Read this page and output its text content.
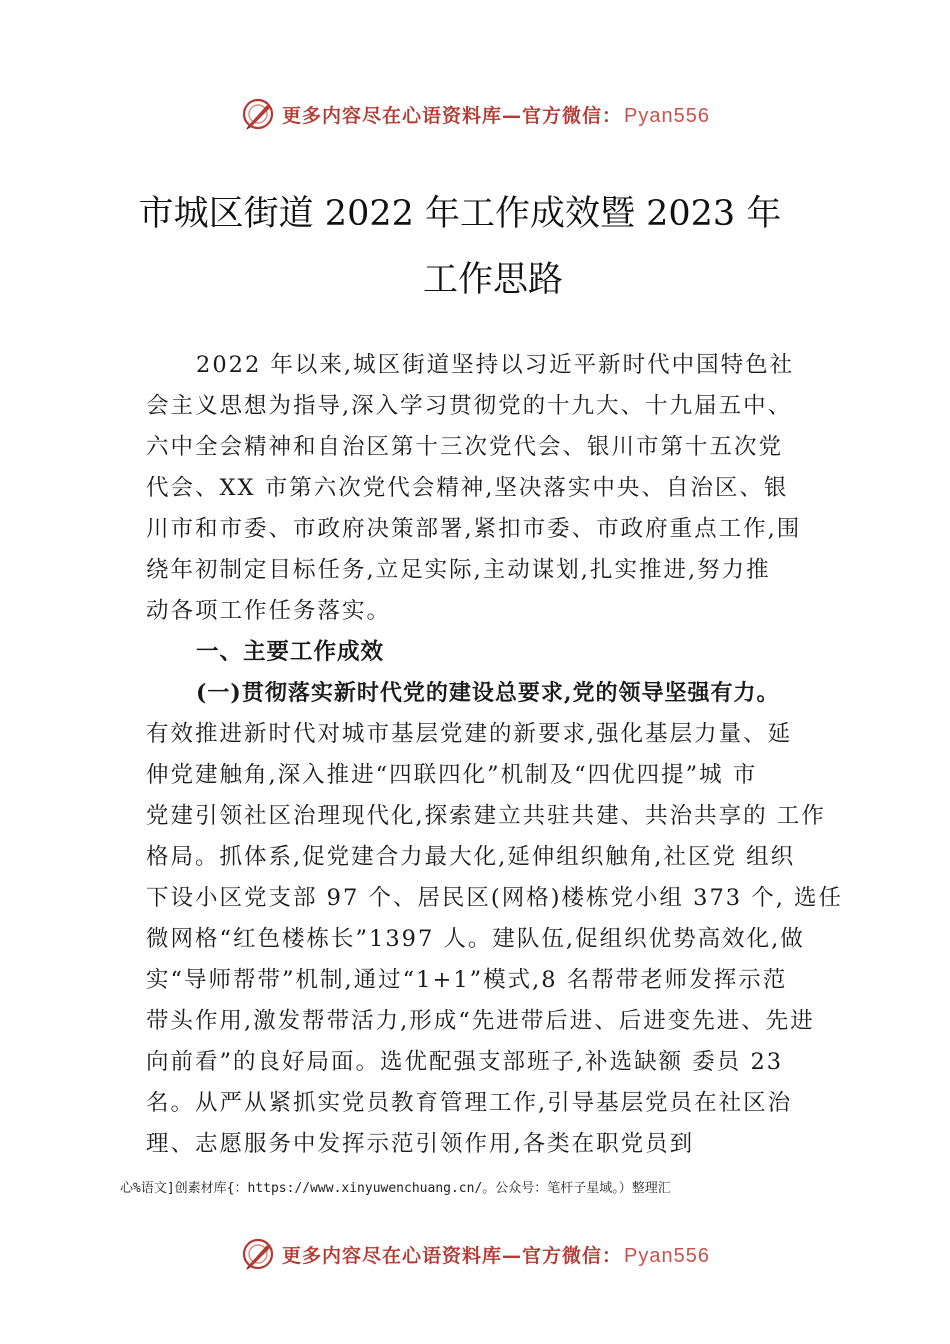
更多内容尽在心语资料库—官方微信： Pyan556
市城区街道 2022 年工作成效暨 2023 年
工作思路
2022 年以来,城区街道坚持以习近平新时代中国特色社
会主义思想为指导,深入学习贯彻党的十九大、十九届五中、
六中全会精神和自治区第十三次党代会、银川市第十五次党
代会、XX 市第六次党代会精神,坚决落实中央、自治区、银
川市和市委、市政府决策部署,紧扣市委、市政府重点工作,围
绕年初制定目标任务,立足实际,主动谋划,扎实推进,努力推
动各项工作任务落实。
一、主要工作成效
(一)贯彻落实新时代党的建设总要求,党的领导坚强有力。
有效推进新时代对城市基层党建的新要求,强化基层力量、延
伸党建触角,深入推进“四联四化”机制及“四优四提”城 市
党建引领社区治理现代化,探索建立共驻共建、共治共享的 工作
格局。抓体系,促党建合力最大化,延伸组织触角,社区党 组织
下设小区党支部 97 个、居民区(网格)楼栋党小组 373 个, 选任
微网格“红色楼栋长”1397 人。建队伍,促组织优势高效化,做
实“导师帮带”机制,通过“1+1”模式,8 名帮带老师发挥示范
带头作用,激发帮带活力,形成“先进带后进、后进变先进、先进
向前看”的良好局面。选优配强支部班子,补选缺额 委员 23
名。从严从紧抓实党员教育管理工作,引导基层党员在社区治
理、志愿服务中发挥示范引领作用,各类在职党员到
心%语文]创素材库{：https://www.xinyuwenchuang.cn/。公众号：笔杆子星域。）整理汇
更多内容尽在心语资料库—官方微信： Pyan556
